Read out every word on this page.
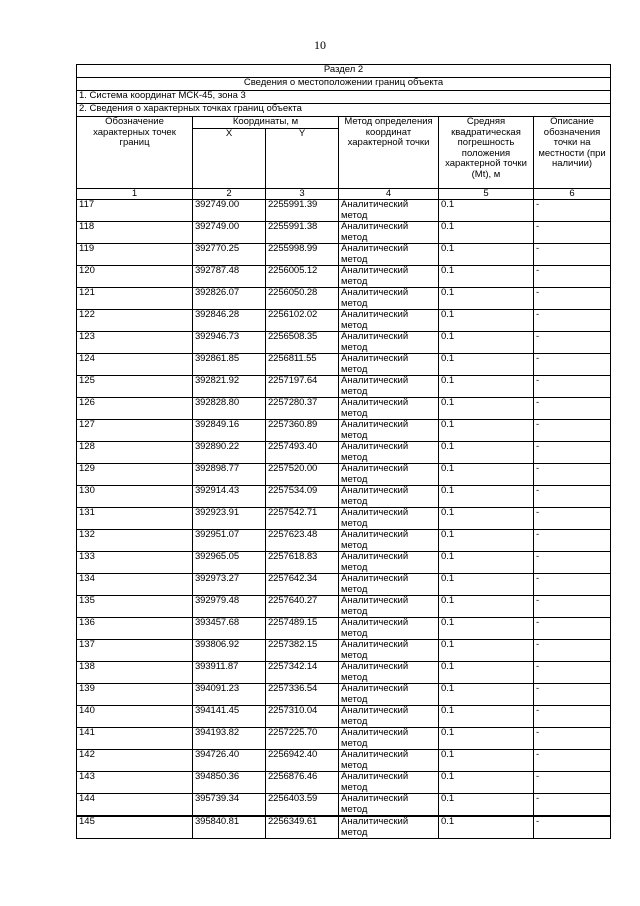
10
Раздел 2					
Сведения о местоположении границ объекта					
1. Система координат МСК-45, зона 3					
2. Сведения о характерных точках границ объекта					
Обозначение характерных точек границ	Координаты, м		Метод определения координат характерной точки	Средняя квадратическая погрешность положения характерной точки (Mt), м	Описание обозначения точки на местности (при наличии)
	X	Y			
1	2	3	4	5	6
117	392749.00	2255991.39	Аналитический метод	0.1	-
118	392749.00	2255991.38	Аналитический метод	0.1	-
119	392770.25	2255998.99	Аналитический метод	0.1	-
120	392787.48	2256005.12	Аналитический метод	0.1	-
121	392826.07	2256050.28	Аналитический метод	0.1	-
122	392846.28	2256102.02	Аналитический метод	0.1	-
123	392946.73	2256508.35	Аналитический метод	0.1	-
124	392861.85	2256811.55	Аналитический метод	0.1	-
125	392821.92	2257197.64	Аналитический метод	0.1	-
126	392828.80	2257280.37	Аналитический метод	0.1	-
127	392849.16	2257360.89	Аналитический метод	0.1	-
128	392890.22	2257493.40	Аналитический метод	0.1	-
129	392898.77	2257520.00	Аналитический метод	0.1	-
130	392914.43	2257534.09	Аналитический метод	0.1	-
131	392923.91	2257542.71	Аналитический метод	0.1	-
132	392951.07	2257623.48	Аналитический метод	0.1	-
133	392965.05	2257618.83	Аналитический метод	0.1	-
134	392973.27	2257642.34	Аналитический метод	0.1	-
135	392979.48	2257640.27	Аналитический метод	0.1	-
136	393457.68	2257489.15	Аналитический метод	0.1	-
137	393806.92	2257382.15	Аналитический метод	0.1	-
138	393911.87	2257342.14	Аналитический метод	0.1	-
139	394091.23	2257336.54	Аналитический метод	0.1	-
140	394141.45	2257310.04	Аналитический метод	0.1	-
141	394193.82	2257225.70	Аналитический метод	0.1	-
142	394726.40	2256942.40	Аналитический метод	0.1	-
143	394850.36	2256876.46	Аналитический метод	0.1	-
144	395739.34	2256403.59	Аналитический метод	0.1	-
145	395840.81	2256349.61	Аналитический метод	0.1	-
